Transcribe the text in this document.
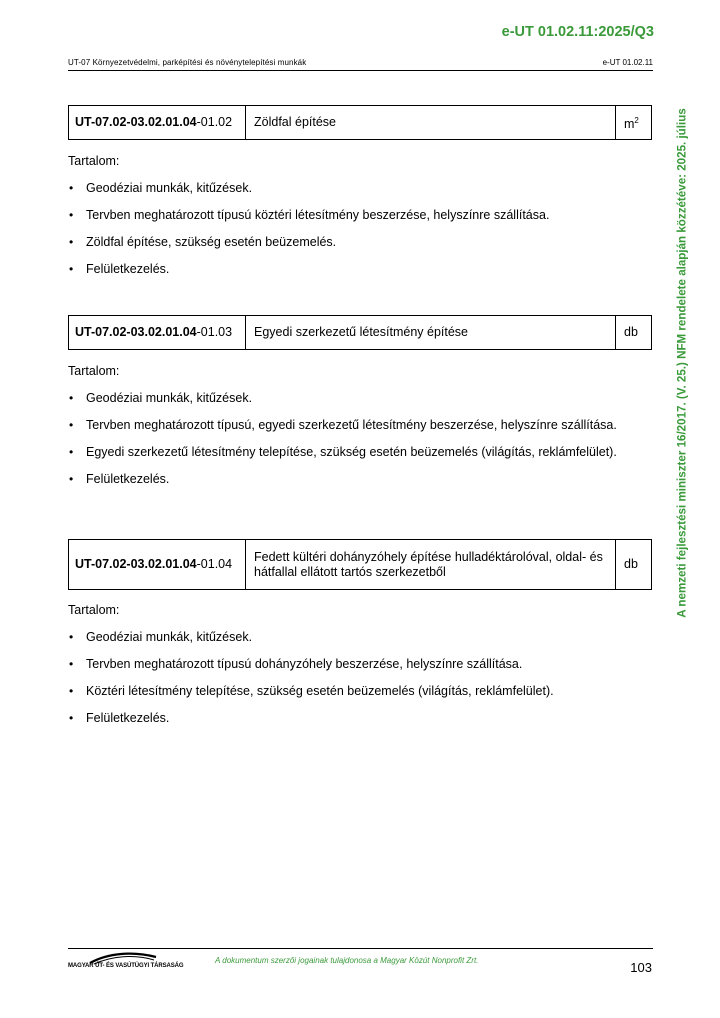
e-UT 01.02.11:2025/Q3
UT-07 Környezetvédelmi, parképítési és növénytelepítési munkák	e-UT 01.02.11
A nemzeti fejlesztési miniszter 16/2017. (V. 25.) NFM rendelete alapján közzétéve: 2025. július
UT-07.02-03.02.01.04-01.02	Zöldfal építése	$m^2$

Tartalom:

• Geodéziai munkák, kitűzések.
• Tervben meghatározott típusú köztéri létesítmény beszerzése, helyszínre szállítása.
• Zöldfal építése, szükség esetén beüzemelés.
• Felületkezelés.
UT-07.02-03.02.01.04-01.03	Egyedi szerkezetű létesítmény építése	db

Tartalom:

• Geodéziai munkák, kitűzések.
• Tervben meghatározott típusú, egyedi szerkezetű létesítmény beszerzése, helyszínre szállítása.
• Egyedi szerkezetű létesítmény telepítése, szükség esetén beüzemelés (világítás, reklámfelület).
• Felületkezelés.
UT-07.02-03.02.01.04-01.04	Fedett kültéri dohányzóhely építése hulladéktárolóval, oldal- és hátfallal ellátott tartós szerkezetből	db

Tartalom:

• Geodéziai munkák, kitűzések.
• Tervben meghatározott típusú dohányzóhely beszerzése, helyszínre szállítása.
• Köztéri létesítmény telepítése, szükség esetén beüzemelés (világítás, reklámfelület).
• Felületkezelés.
MAGYAR ÚT- ÉS VASÚTÜGYI TÁRSASÁG
A dokumentum szerzői jogainak tulajdonosa a Magyar Közút Nonprofit Zrt.	103
